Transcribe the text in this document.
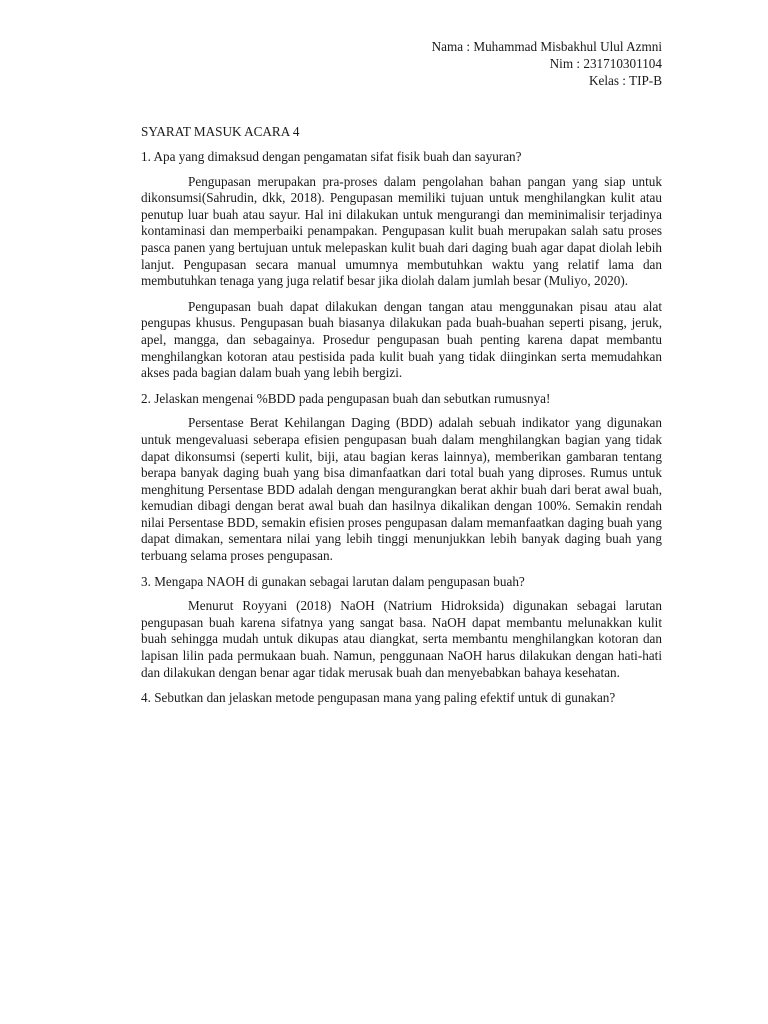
Nama : Muhammad Misbakhul Ulul Azmni
Nim : 231710301104
Kelas : TIP-B
SYARAT MASUK ACARA 4

1. Apa yang dimaksud dengan pengamatan sifat fisik buah dan sayuran?

Pengupasan merupakan pra-proses dalam pengolahan bahan pangan yang siap untuk dikonsumsi(Sahrudin, dkk, 2018). Pengupasan memiliki tujuan untuk menghilangkan kulit atau penutup luar buah atau sayur. Hal ini dilakukan untuk mengurangi dan meminimalisir terjadinya kontaminasi dan memperbaiki penampakan. Pengupasan kulit buah merupakan salah satu proses pasca panen yang bertujuan untuk melepaskan kulit buah dari daging buah agar dapat diolah lebih lanjut. Pengupasan secara manual umumnya membutuhkan waktu yang relatif lama dan membutuhkan tenaga yang juga relatif besar jika diolah dalam jumlah besar (Muliyo, 2020).

Pengupasan buah dapat dilakukan dengan tangan atau menggunakan pisau atau alat pengupas khusus. Pengupasan buah biasanya dilakukan pada buah-buahan seperti pisang, jeruk, apel, mangga, dan sebagainya. Prosedur pengupasan buah penting karena dapat membantu menghilangkan kotoran atau pestisida pada kulit buah yang tidak diinginkan serta memudahkan akses pada bagian dalam buah yang lebih bergizi.

2. Jelaskan mengenai %BDD pada pengupasan buah dan sebutkan rumusnya!

Persentase Berat Kehilangan Daging (BDD) adalah sebuah indikator yang digunakan untuk mengevaluasi seberapa efisien pengupasan buah dalam menghilangkan bagian yang tidak dapat dikonsumsi (seperti kulit, biji, atau bagian keras lainnya), memberikan gambaran tentang berapa banyak daging buah yang bisa dimanfaatkan dari total buah yang diproses. Rumus untuk menghitung Persentase BDD adalah dengan mengurangkan berat akhir buah dari berat awal buah, kemudian dibagi dengan berat awal buah dan hasilnya dikalikan dengan 100%. Semakin rendah nilai Persentase BDD, semakin efisien proses pengupasan dalam memanfaatkan daging buah yang dapat dimakan, sementara nilai yang lebih tinggi menunjukkan lebih banyak daging buah yang terbuang selama proses pengupasan.

3. Mengapa NAOH di gunakan sebagai larutan dalam pengupasan buah?

Menurut Royyani (2018) NaOH (Natrium Hidroksida) digunakan sebagai larutan pengupasan buah karena sifatnya yang sangat basa. NaOH dapat membantu melunakkan kulit buah sehingga mudah untuk dikupas atau diangkat, serta membantu menghilangkan kotoran dan lapisan lilin pada permukaan buah. Namun, penggunaan NaOH harus dilakukan dengan hati-hati dan dilakukan dengan benar agar tidak merusak buah dan menyebabkan bahaya kesehatan.

4. Sebutkan dan jelaskan metode pengupasan mana yang paling efektif untuk di gunakan?
